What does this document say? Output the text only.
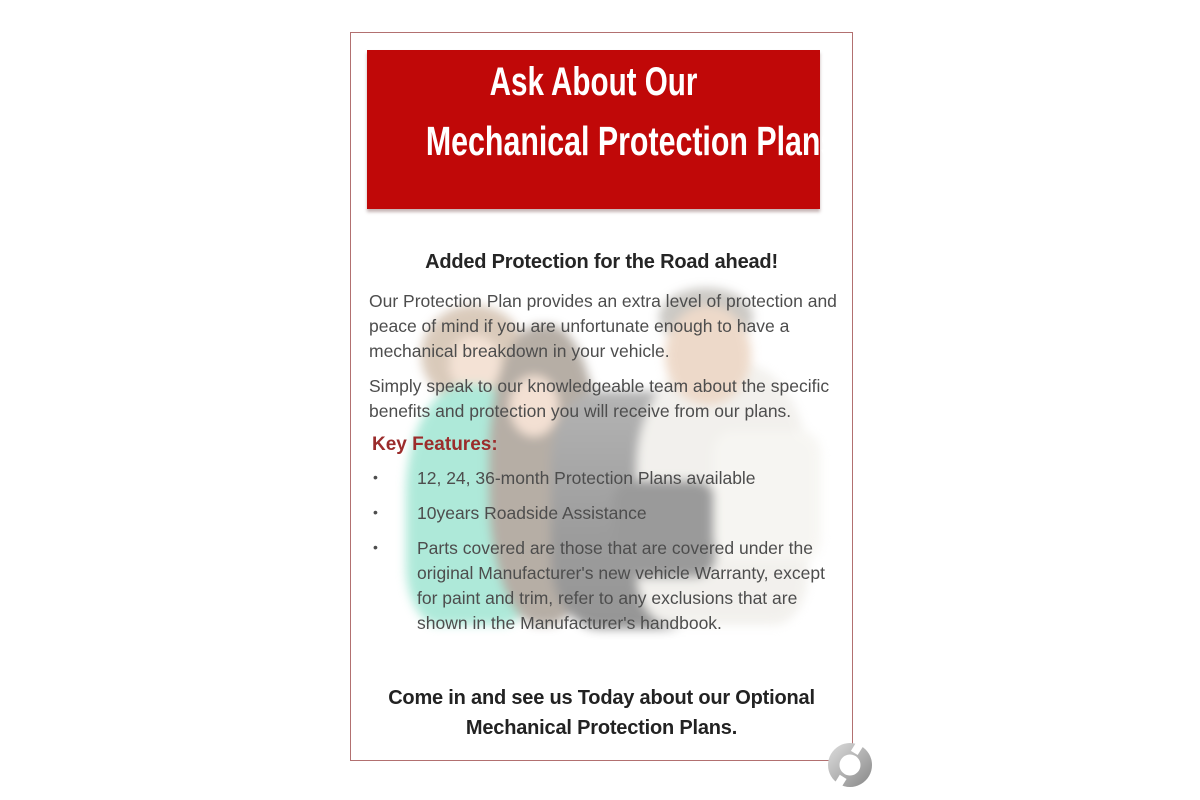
Ask About Our
Mechanical Protection Plans
Added Protection for the Road ahead!
Our Protection Plan provides an extra level of protection and
peace of mind if you are unfortunate enough to have a
mechanical breakdown in your vehicle.
Simply speak to our knowledgeable team about the specific
benefits and protection you will receive from our plans.
Key Features:
•	12, 24, 36-month Protection Plans available
•	10years Roadside Assistance
•	Parts covered are those that are covered under the
original Manufacturer's new vehicle Warranty, except
for paint and trim, refer to any exclusions that are
shown in the Manufacturer's handbook.
Come in and see us Today about our Optional
Mechanical Protection Plans.
